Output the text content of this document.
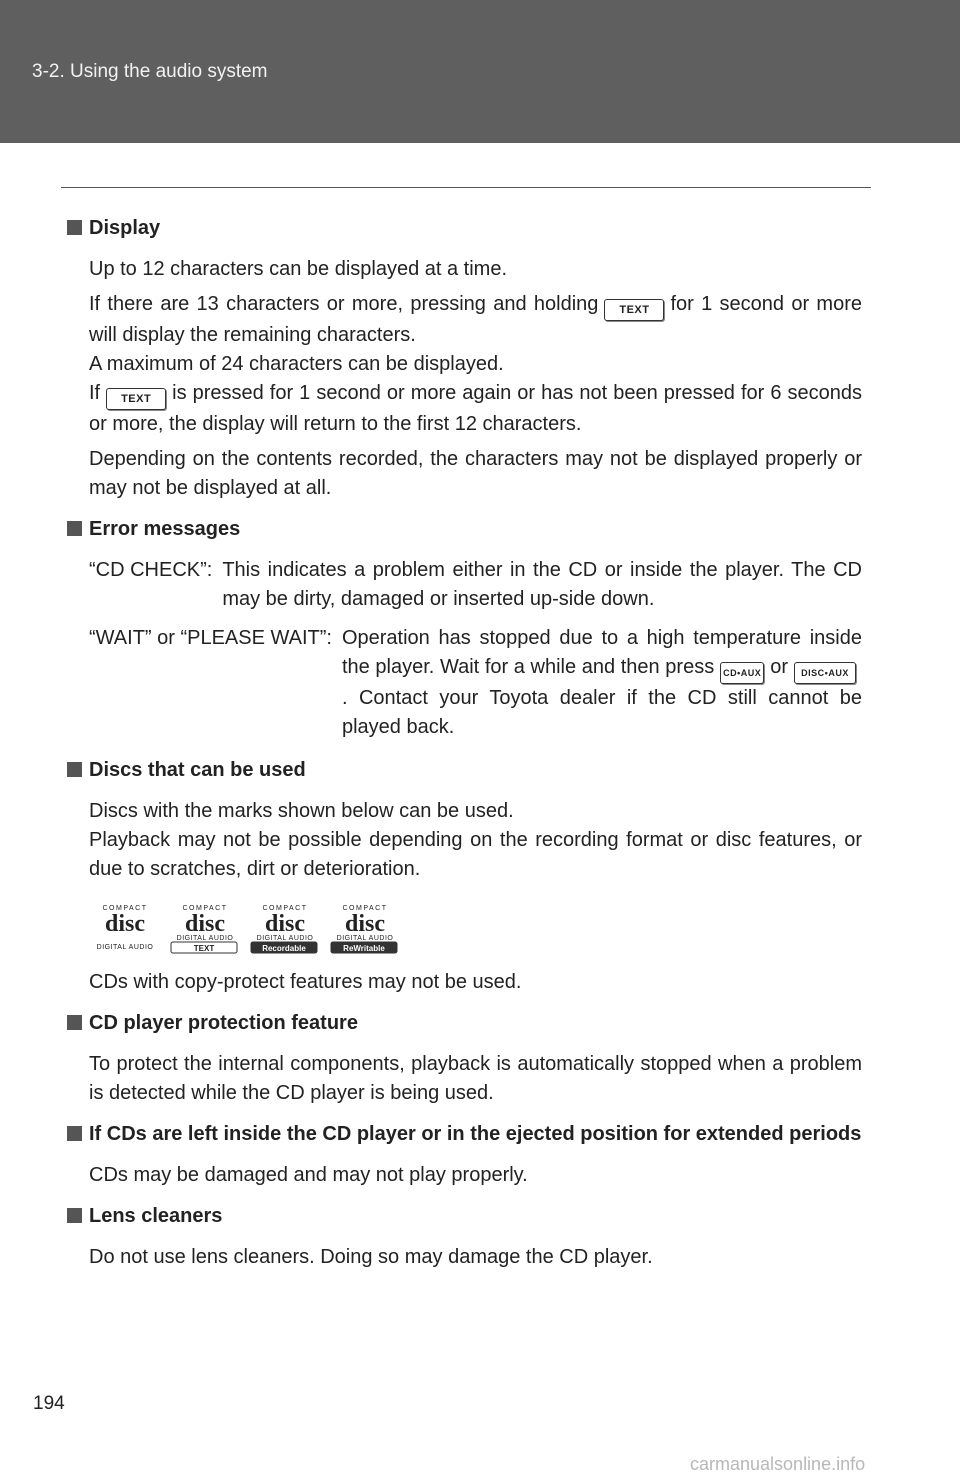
3-2. Using the audio system
Display

Up to 12 characters can be displayed at a time.

If there are 13 characters or more, pressing and holding TEXT for 1 second or more will display the remaining characters.

A maximum of 24 characters can be displayed.

If TEXT is pressed for 1 second or more again or has not been pressed for 6 seconds or more, the display will return to the first 12 characters.

Depending on the contents recorded, the characters may not be displayed properly or may not be displayed at all.

Error messages
“CD CHECK”: This indicates a problem either in the CD or inside the player. The CD may be dirty, damaged or inserted up-side down.
“WAIT” or “PLEASE WAIT”: Operation has stopped due to a high temperature inside the player. Wait for a while and then press CD•AUX or DISC•AUX. Contact your Toyota dealer if the CD still cannot be played back.
Discs that can be used

Discs with the marks shown below can be used.

Playback may not be possible depending on the recording format or disc features, or due to scratches, dirt or deterioration.

COMPACT
disc
DIGITAL AUDIO
COMPACT
disc
DIGITAL AUDIO
TEXT
COMPACT
disc
DIGITAL AUDIO
Recordable
COMPACT
disc
DIGITAL AUDIO
ReWritable

CDs with copy-protect features may not be used.

CD player protection feature

To protect the internal components, playback is automatically stopped when a problem is detected while the CD player is being used.

If CDs are left inside the CD player or in the ejected position for extended periods

CDs may be damaged and may not play properly.

Lens cleaners

Do not use lens cleaners. Doing so may damage the CD player.

194
carmanualsonline.info
